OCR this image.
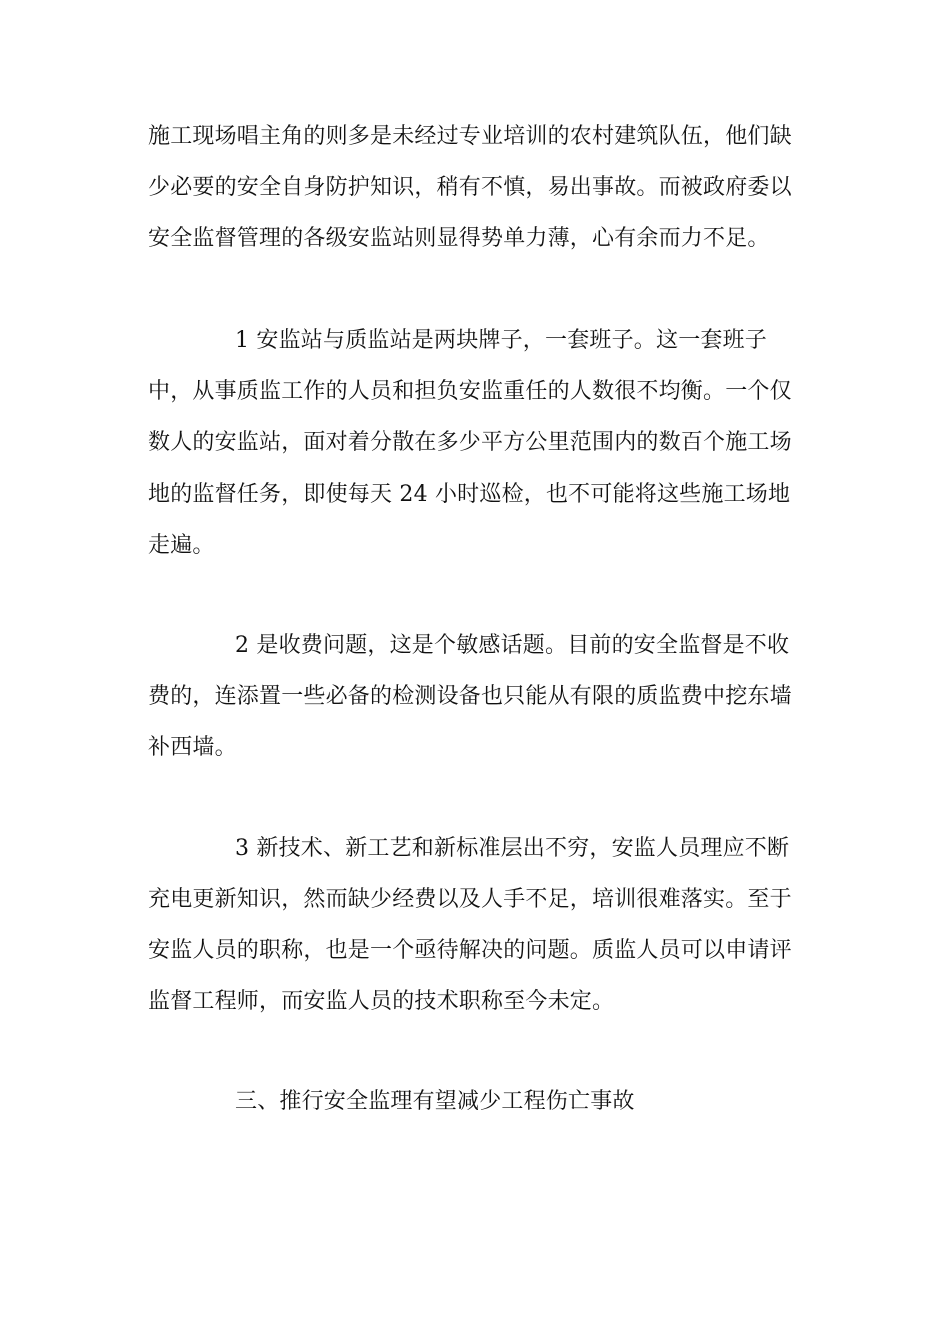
施工现场唱主角的则多是未经过专业培训的农村建筑队伍，他们缺
少必要的安全自身防护知识，稍有不慎，易出事故。而被政府委以
安全监督管理的各级安监站则显得势单力薄，心有余而力不足。
1 安监站与质监站是两块牌子，一套班子。这一套班子
中，从事质监工作的人员和担负安监重任的人数很不均衡。一个仅
数人的安监站，面对着分散在多少平方公里范围内的数百个施工场
地的监督任务，即使每天 24 小时巡检，也不可能将这些施工场地
走遍。
2 是收费问题，这是个敏感话题。目前的安全监督是不收
费的，连添置一些必备的检测设备也只能从有限的质监费中挖东墙
补西墙。
3 新技术、新工艺和新标准层出不穷，安监人员理应不断
充电更新知识，然而缺少经费以及人手不足，培训很难落实。至于
安监人员的职称，也是一个亟待解决的问题。质监人员可以申请评
监督工程师，而安监人员的技术职称至今未定。
三、推行安全监理有望减少工程伤亡事故
